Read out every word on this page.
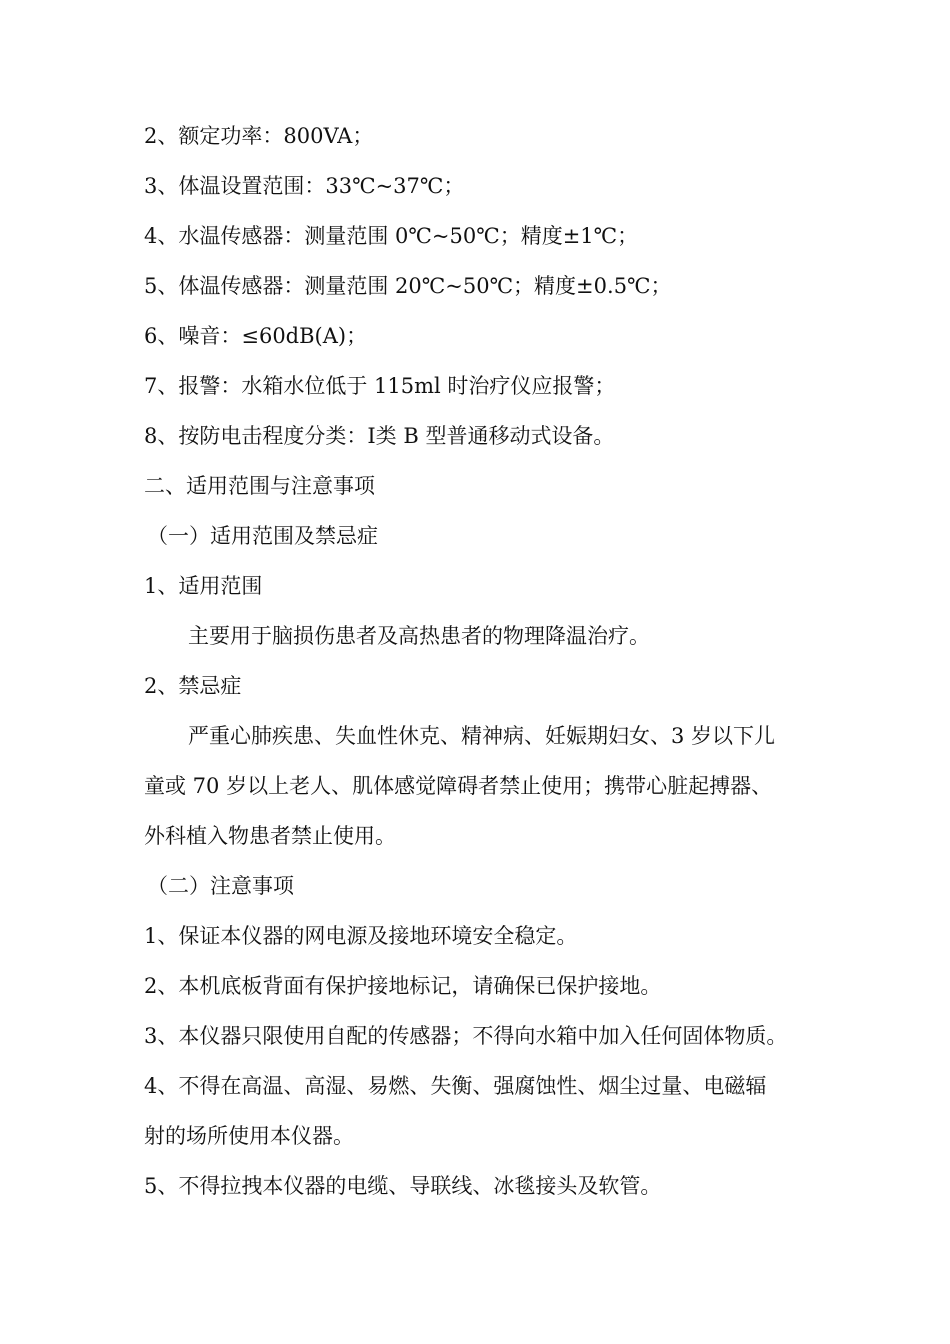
2、额定功率：800VA；
3、体温设置范围：33℃~37℃；
4、水温传感器：测量范围 0℃~50℃；精度±1℃；
5、体温传感器：测量范围 20℃~50℃；精度±0.5℃；
6、噪音：≤60dB(A)；
7、报警：水箱水位低于 115ml 时治疗仪应报警；
8、按防电击程度分类：Ⅰ类 B 型普通移动式设备。
二、适用范围与注意事项
（一）适用范围及禁忌症
1、适用范围
主要用于脑损伤患者及高热患者的物理降温治疗。
2、禁忌症
严重心肺疾患、失血性休克、精神病、妊娠期妇女、3 岁以下儿
童或 70 岁以上老人、肌体感觉障碍者禁止使用；携带心脏起搏器、
外科植入物患者禁止使用。
（二）注意事项
1、保证本仪器的网电源及接地环境安全稳定。
2、本机底板背面有保护接地标记，请确保已保护接地。
3、本仪器只限使用自配的传感器；不得向水箱中加入任何固体物质。
4、不得在高温、高湿、易燃、失衡、强腐蚀性、烟尘过量、电磁辐
射的场所使用本仪器。
5、不得拉拽本仪器的电缆、导联线、冰毯接头及软管。
